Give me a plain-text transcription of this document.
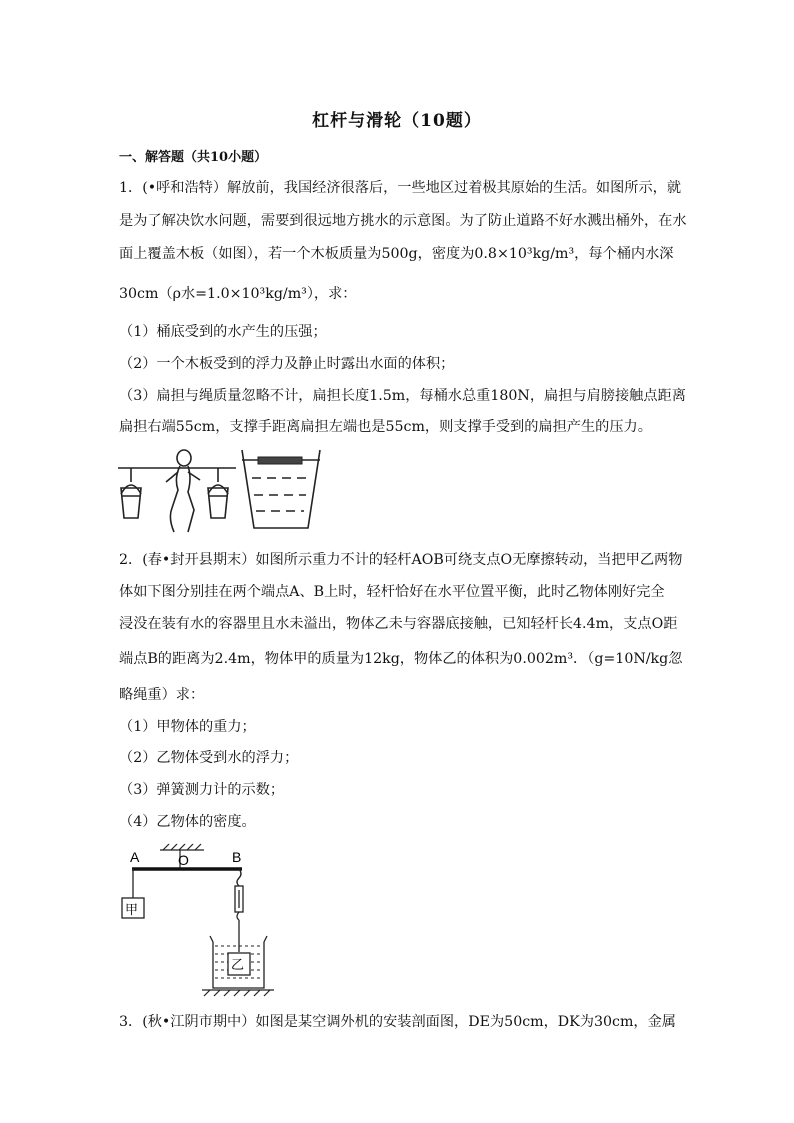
杠杆与滑轮（10题）
一、解答题（共10小题）
1．(•呼和浩特）解放前，我国经济很落后，一些地区过着极其原始的生活。如图所示，就
是为了解决饮水问题，需要到很远地方挑水的示意图。为了防止道路不好水溅出桶外，在水
面上覆盖木板（如图），若一个木板质量为500g，密度为0.8×10³kg/m³，每个桶内水深
30cm（ρ水=1.0×10³kg/m³），求：
（1）桶底受到的水产生的压强；
（2）一个木板受到的浮力及静止时露出水面的体积；
（3）扁担与绳质量忽略不计，扁担长度1.5m，每桶水总重180N，扁担与肩膀接触点距离
扁担右端55cm，支撑手距离扁担左端也是55cm，则支撑手受到的扁担产生的压力。
2．(春•封开县期末）如图所示重力不计的轻杆AOB可绕支点O无摩擦转动，当把甲乙两物
体如下图分别挂在两个端点A、B上时，轻杆恰好在水平位置平衡，此时乙物体刚好完全
浸没在装有水的容器里且水未溢出，物体乙未与容器底接触，已知轻杆长4.4m，支点O距
端点B的距离为2.4m，物体甲的质量为12kg，物体乙的体积为0.002m³．（g=10N/kg忽
略绳重）求：
（1）甲物体的重力；
（2）乙物体受到水的浮力；
（3）弹簧测力计的示数；
（4）乙物体的密度。
A	O	B
甲
乙
3．(秋•江阴市期中）如图是某空调外机的安装剖面图，DE为50cm，DK为30cm，金属
